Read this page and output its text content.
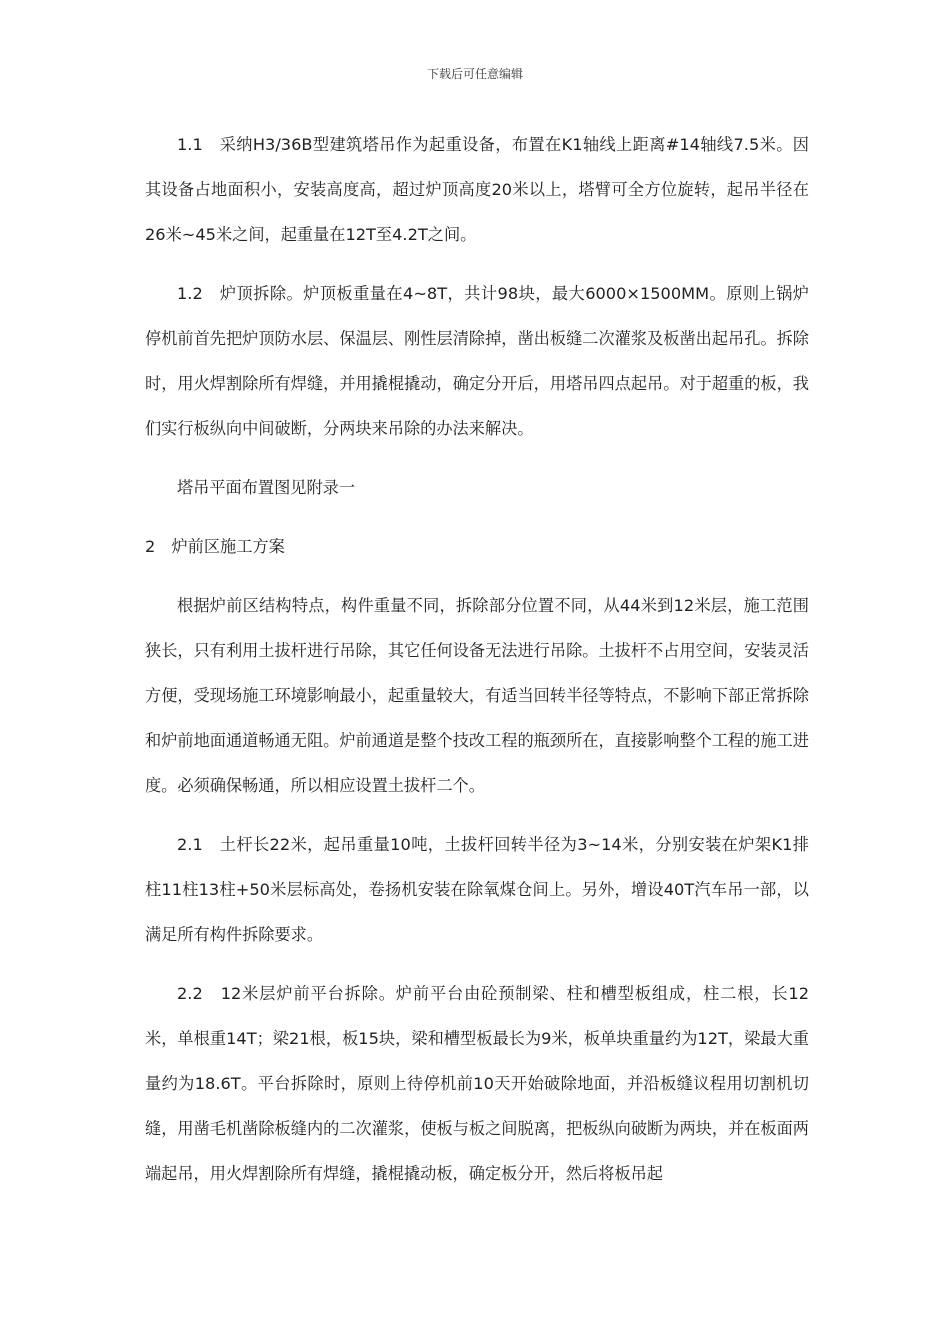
下载后可任意编辑

1.1　采纳H3/36B型建筑塔吊作为起重设备，布置在K1轴线上距离#14轴线7.5米。因其设备占地面积小，安装高度高，超过炉顶高度20米以上，塔臂可全方位旋转，起吊半径在26米~45米之间，起重量在12T至4.2T之间。

1.2　炉顶拆除。炉顶板重量在4~8T，共计98块，最大6000×1500MM。原则上锅炉停机前首先把炉顶防水层、保温层、刚性层清除掉，凿出板缝二次灌浆及板凿出起吊孔。拆除时，用火焊割除所有焊缝，并用撬棍撬动，确定分开后，用塔吊四点起吊。对于超重的板，我们实行板纵向中间破断，分两块来吊除的办法来解决。

塔吊平面布置图见附录一

2　炉前区施工方案

根据炉前区结构特点，构件重量不同，拆除部分位置不同，从44米到12米层，施工范围狭长，只有利用土拔杆进行吊除，其它任何设备无法进行吊除。土拔杆不占用空间，安装灵活方便，受现场施工环境影响最小，起重量较大，有适当回转半径等特点，不影响下部正常拆除和炉前地面通道畅通无阻。炉前通道是整个技改工程的瓶颈所在，直接影响整个工程的施工进度。必须确保畅通，所以相应设置土拔杆二个。

2.1　土杆长22米，起吊重量10吨，土拔杆回转半径为3~14米，分别安装在炉架K1排柱11柱13柱+50米层标高处，卷扬机安装在除氧煤仓间上。另外，增设40T汽车吊一部，以满足所有构件拆除要求。

2.2　12米层炉前平台拆除。炉前平台由砼预制梁、柱和槽型板组成，柱二根，长12米，单根重14T；梁21根，板15块，梁和槽型板最长为9米，板单块重量约为12T，梁最大重量约为18.6T。平台拆除时，原则上待停机前10天开始破除地面，并沿板缝议程用切割机切缝，用凿毛机凿除板缝内的二次灌浆，使板与板之间脱离，把板纵向破断为两块，并在板面两端起吊，用火焊割除所有焊缝，撬棍撬动板，确定板分开，然后将板吊起
